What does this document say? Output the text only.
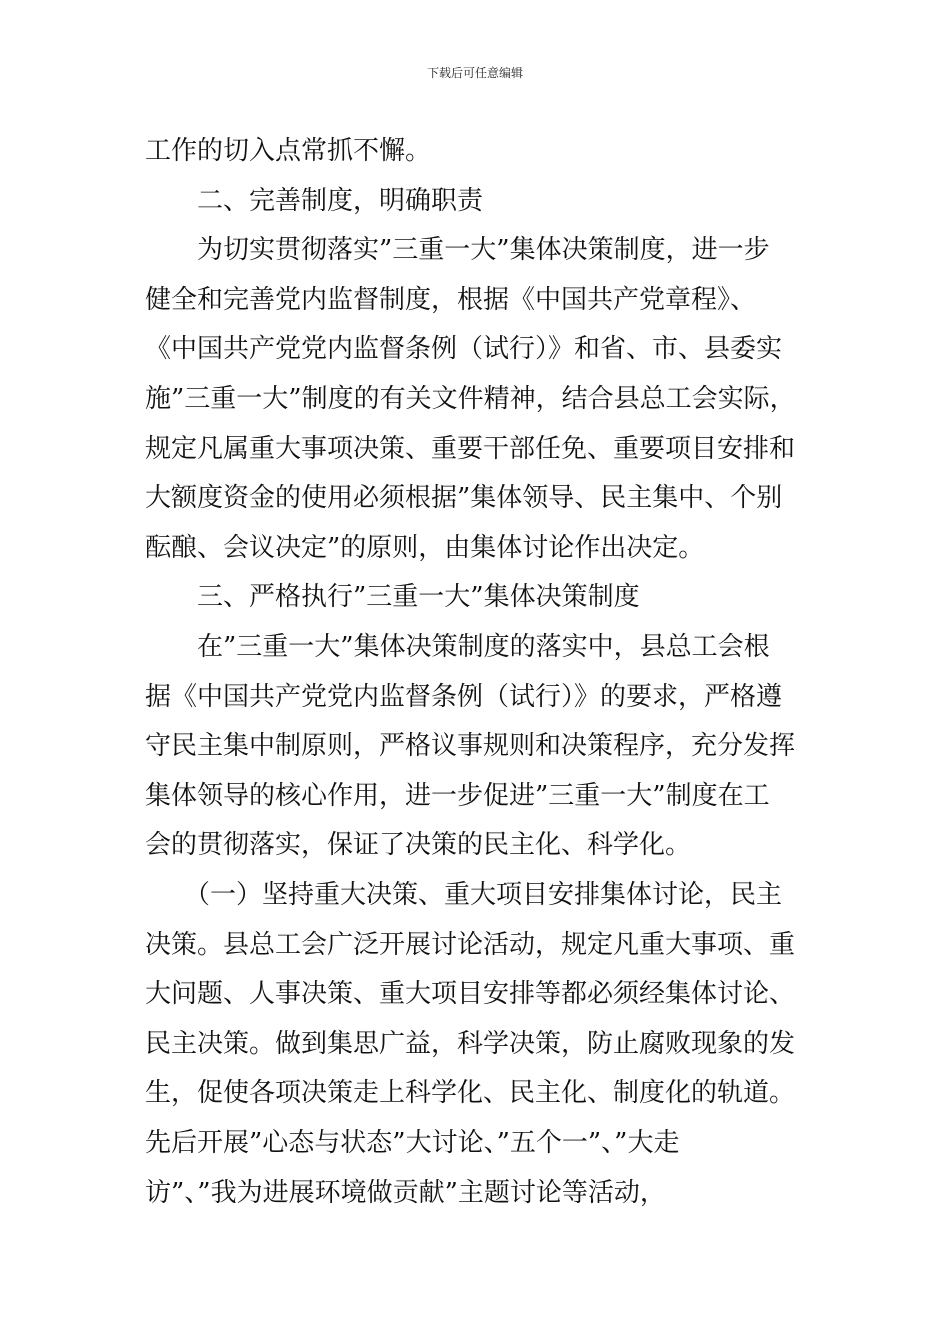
下载后可任意编辑
工作的切入点常抓不懈。
　　二、完善制度，明确职责
　　为切实贯彻落实”三重一大”集体决策制度，进一步
健全和完善党内监督制度，根据《中国共产党章程》、
《中国共产党党内监督条例（试行）》和省、市、县委实
施”三重一大”制度的有关文件精神，结合县总工会实际，
规定凡属重大事项决策、重要干部任免、重要项目安排和
大额度资金的使用必须根据”集体领导、民主集中、个别
酝酿、会议决定”的原则，由集体讨论作出决定。
　　三、严格执行”三重一大”集体决策制度
　　在”三重一大”集体决策制度的落实中，县总工会根
据《中国共产党党内监督条例（试行）》的要求，严格遵
守民主集中制原则，严格议事规则和决策程序，充分发挥
集体领导的核心作用，进一步促进”三重一大”制度在工
会的贯彻落实，保证了决策的民主化、科学化。
　　（一）坚持重大决策、重大项目安排集体讨论，民主
决策。县总工会广泛开展讨论活动，规定凡重大事项、重
大问题、人事决策、重大项目安排等都必须经集体讨论、
民主决策。做到集思广益，科学决策，防止腐败现象的发
生，促使各项决策走上科学化、民主化、制度化的轨道。
先后开展”心态与状态”大讨论、”五个一”、”大走
访”、”我为进展环境做贡献”主题讨论等活动，
